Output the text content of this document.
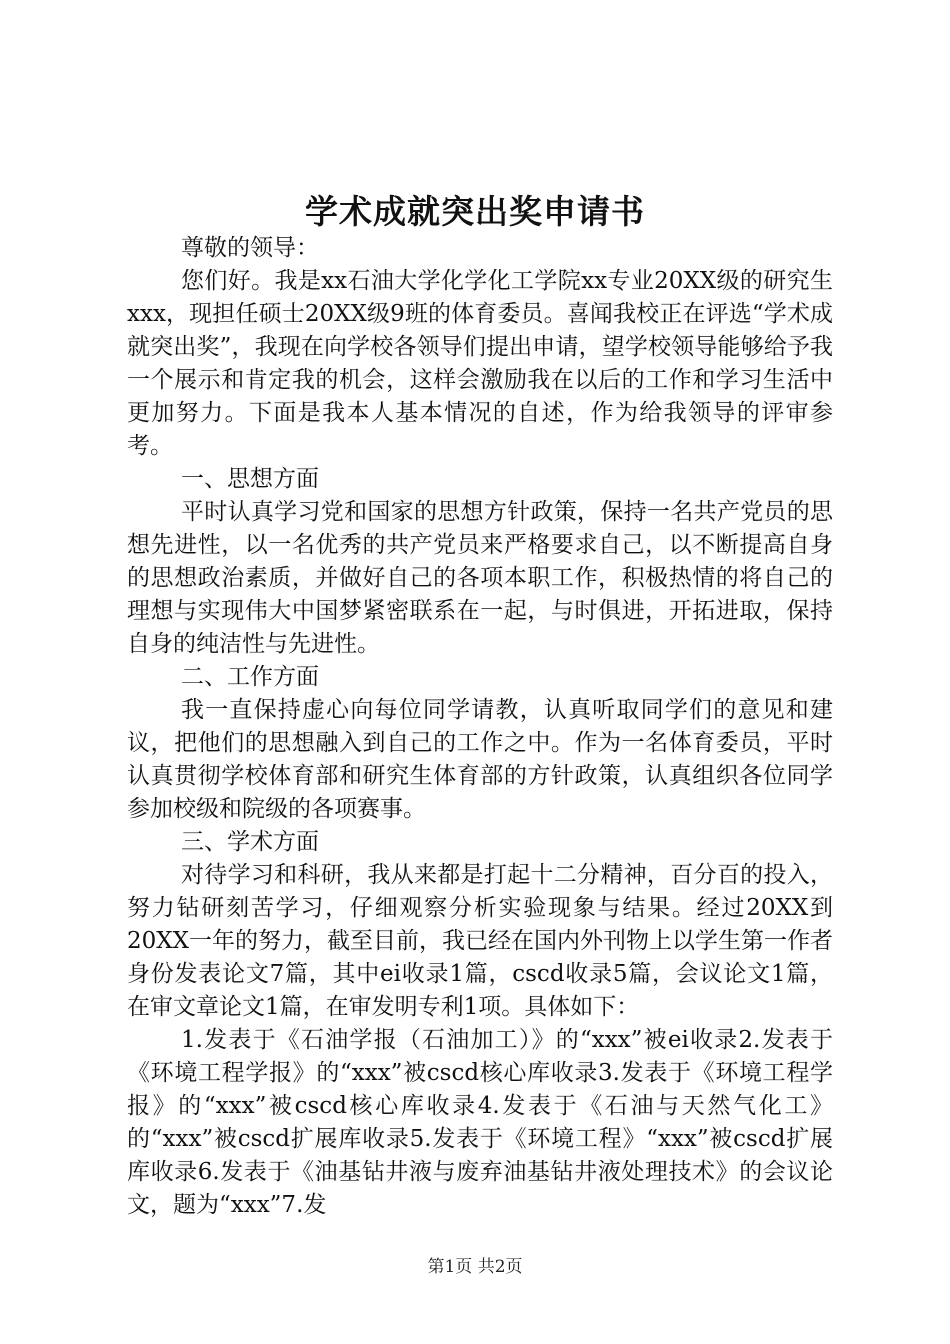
学术成就突出奖申请书

尊敬的领导：

您们好。我是xx石油大学化学化工学院xx专业20XX级的研究生xxx，现担任硕士20XX级9班的体育委员。喜闻我校正在评选“学术成就突出奖”，我现在向学校各领导们提出申请，望学校领导能够给予我一个展示和肯定我的机会，这样会激励我在以后的工作和学习生活中更加努力。下面是我本人基本情况的自述，作为给我领导的评审参考。

一、思想方面

平时认真学习党和国家的思想方针政策，保持一名共产党员的思想先进性，以一名优秀的共产党员来严格要求自己，以不断提高自身的思想政治素质，并做好自己的各项本职工作，积极热情的将自己的理想与实现伟大中国梦紧密联系在一起，与时俱进，开拓进取，保持自身的纯洁性与先进性。

二、工作方面

我一直保持虚心向每位同学请教，认真听取同学们的意见和建议，把他们的思想融入到自己的工作之中。作为一名体育委员，平时认真贯彻学校体育部和研究生体育部的方针政策，认真组织各位同学参加校级和院级的各项赛事。

三、学术方面

对待学习和科研，我从来都是打起十二分精神，百分百的投入，努力钻研刻苦学习，仔细观察分析实验现象与结果。经过20XX到20XX一年的努力，截至目前，我已经在国内外刊物上以学生第一作者身份发表论文7篇，其中ei收录1篇，cscd收录5篇，会议论文1篇，在审文章论文1篇，在审发明专利1项。具体如下：

1.发表于《石油学报（石油加工）》的“xxx”被ei收录2.发表于《环境工程学报》的“xxx”被cscd核心库收录3.发表于《环境工程学报》的“xxx”被cscd核心库收录4.发表于《石油与天然气化工》的“xxx”被cscd扩展库收录5.发表于《环境工程》“xxx”被cscd扩展库收录6.发表于《油基钻井液与废弃油基钻井液处理技术》的会议论文，题为“xxx”7.发

第1页 共2页
